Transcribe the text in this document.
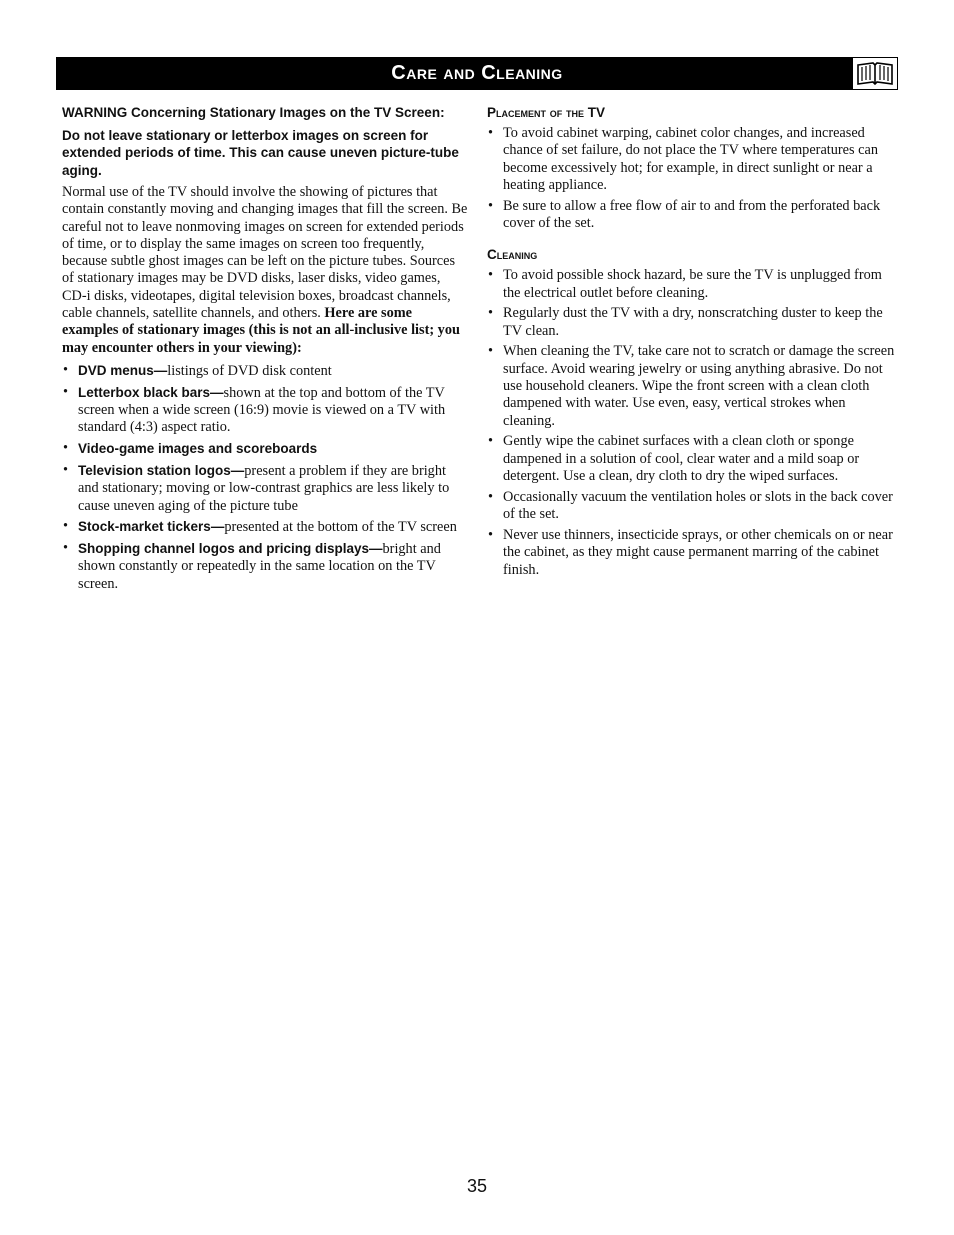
Care and Cleaning

WARNING Concerning Stationary Images on the TV Screen:

Do not leave stationary or letterbox images on screen for extended periods of time. This can cause uneven picture-tube aging.

Normal use of the TV should involve the showing of pictures that contain constantly moving and changing images that fill the screen. Be careful not to leave nonmoving images on screen for extended periods of time, or to display the same images on screen too frequently, because subtle ghost images can be left on the picture tubes. Sources of stationary images may be DVD disks, laser disks, video games, CD-i disks, videotapes, digital television boxes, broadcast channels, cable channels, satellite channels, and others. Here are some examples of stationary images (this is not an all-inclusive list; you may encounter others in your viewing):

• DVD menus—listings of DVD disk content
• Letterbox black bars—shown at the top and bottom of the TV screen when a wide screen (16:9) movie is viewed on a TV with standard (4:3) aspect ratio.
• Video-game images and scoreboards
• Television station logos—present a problem if they are bright and stationary; moving or low-contrast graphics are less likely to cause uneven aging of the picture tube
• Stock-market tickers—presented at the bottom of the TV screen
• Shopping channel logos and pricing displays—bright and shown constantly or repeatedly in the same location on the TV screen.
Placement of the TV
• To avoid cabinet warping, cabinet color changes, and increased chance of set failure, do not place the TV where temperatures can become excessively hot; for example, in direct sunlight or near a heating appliance.
• Be sure to allow a free flow of air to and from the perforated back cover of the set.
Cleaning
• To avoid possible shock hazard, be sure the TV is unplugged from the electrical outlet before cleaning.
• Regularly dust the TV with a dry, nonscratching duster to keep the TV clean.
• When cleaning the TV, take care not to scratch or damage the screen surface. Avoid wearing jewelry or using anything abrasive. Do not use household cleaners. Wipe the front screen with a clean cloth dampened with water. Use even, easy, vertical strokes when cleaning.
• Gently wipe the cabinet surfaces with a clean cloth or sponge dampened in a solution of cool, clear water and a mild soap or detergent. Use a clean, dry cloth to dry the wiped surfaces.
• Occasionally vacuum the ventilation holes or slots in the back cover of the set.
• Never use thinners, insecticide sprays, or other chemicals on or near the cabinet, as they might cause permanent marring of the cabinet finish.
35
